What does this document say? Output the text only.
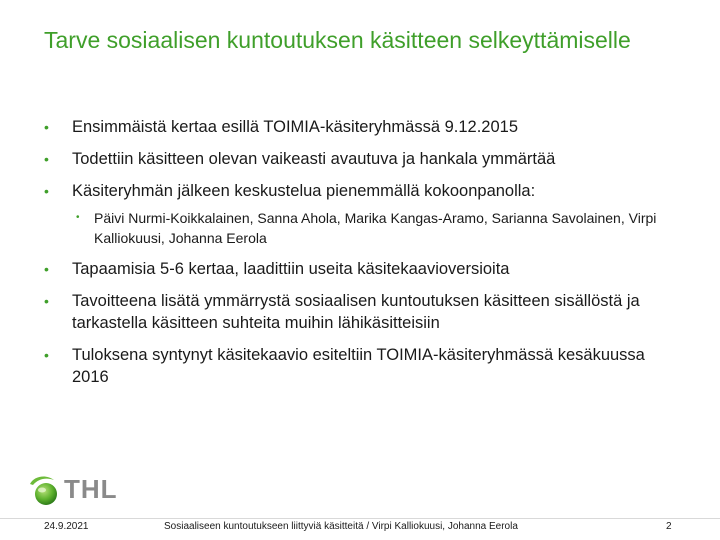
Tarve sosiaalisen kuntoutuksen käsitteen selkeyttämiselle
• Ensimmäistä kertaa esillä TOIMIA-käsiteryhmässä 9.12.2015
• Todettiin käsitteen olevan vaikeasti avautuva ja hankala ymmärtää
• Käsiteryhmän jälkeen keskustelua pienemmällä kokoonpanolla:
• Päivi Nurmi-Koikkalainen, Sanna Ahola, Marika Kangas-Aramo, Sarianna Savolainen, Virpi Kalliokuusi, Johanna Eerola
• Tapaamisia 5-6 kertaa, laadittiin useita käsitekaavioversioita
• Tavoitteena lisätä ymmärrystä sosiaalisen kuntoutuksen käsitteen sisällöstä ja tarkastella käsitteen suhteita muihin lähikäsitteisiin
• Tuloksena syntynyt käsitekaavio esiteltiin TOIMIA-käsiteryhmässä kesäkuussa 2016
THL
24.9.2021	Sosiaaliseen kuntoutukseen liittyviä käsitteitä / Virpi Kalliokuusi, Johanna Eerola	2
